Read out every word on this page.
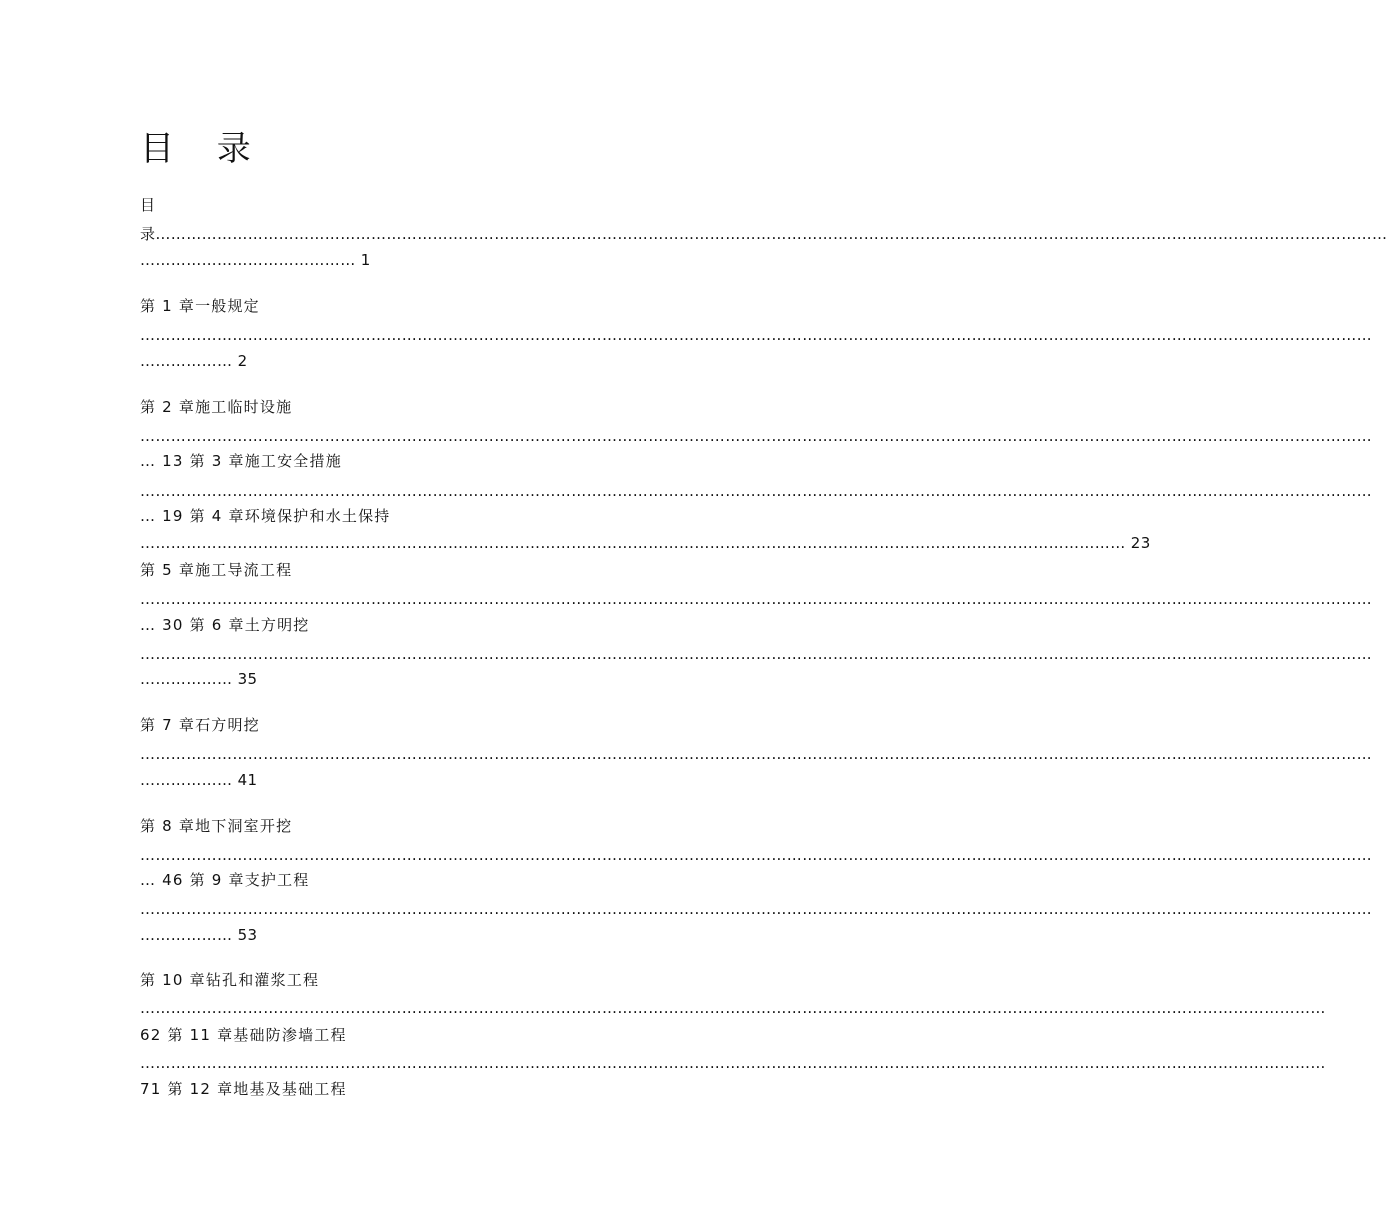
目 录
目
录……………………………………………………………………………………………………………………………………………………………………………………………………………………
…………………………………… 1
第 1 章一般规定
……………………………………………………………………………………………………………………………………………………………………………………………………………………
……………… 2
第 2 章施工临时设施
……………………………………………………………………………………………………………………………………………………………………………………………………………………
… 13 第 3 章施工安全措施
……………………………………………………………………………………………………………………………………………………………………………………………………………………
… 19 第 4 章环境保护和水土保持
………………………………………………………………………………………………………………………………………………………………………… 23
第 5 章施工导流工程
……………………………………………………………………………………………………………………………………………………………………………………………………………………
… 30 第 6 章土方明挖
……………………………………………………………………………………………………………………………………………………………………………………………………………………
……………… 35
第 7 章石方明挖
……………………………………………………………………………………………………………………………………………………………………………………………………………………
……………… 41
第 8 章地下洞室开挖
……………………………………………………………………………………………………………………………………………………………………………………………………………………
… 46 第 9 章支护工程
……………………………………………………………………………………………………………………………………………………………………………………………………………………
……………… 53
第 10 章钻孔和灌浆工程
……………………………………………………………………………………………………………………………………………………………………………………………………………
62 第 11 章基础防渗墙工程
……………………………………………………………………………………………………………………………………………………………………………………………………………
71 第 12 章地基及基础工程
